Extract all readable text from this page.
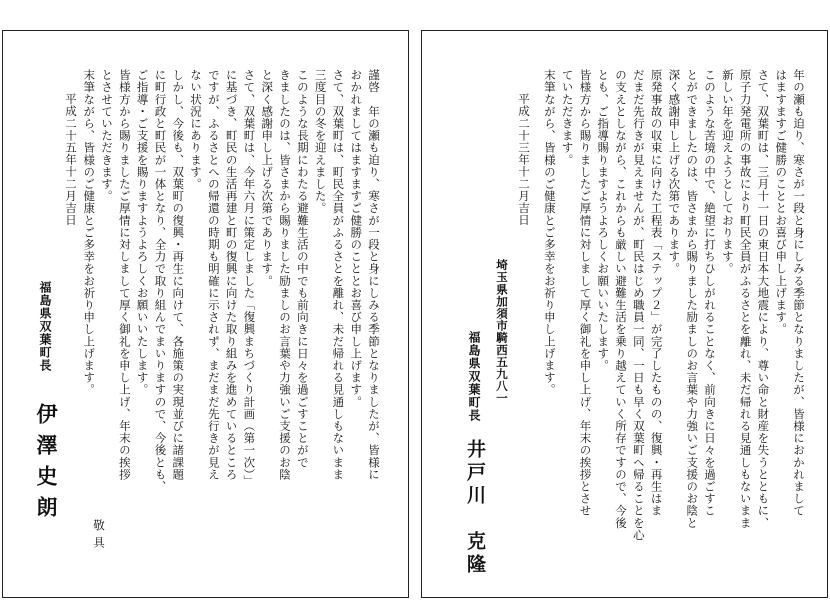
謹啓　年の瀬も迫り、寒さが一段と身にしみる季節となりましたが、皆様に
おかれましてはますますご健勝のこととお喜び申し上げます。
さて、双葉町は、町民全員がふるさとを離れ、未だ帰れる見通しもないまま
三度目の冬を迎えました。
このような長期にわたる避難生活の中でも前向きに日々を過ごすことがで
きましたのは、皆さまから賜りました励ましのお言葉や力強いご支援のお陰
と深く感謝申し上げる次第であります。
さて、双葉町は、今年六月に策定しました「復興まちづくり計画（第一次）」
に基づき、町民の生活再建と町の復興に向けた取り組みを進めているところ
ですが、ふるさとへの帰還の時期も明確に示されず、まだまだ先行きが見え
ない状況にあります。
しかし、今後も、双葉町の復興・再生に向けて、各施策の実現並びに諸課題
に町行政と町民が一体となり、全力で取り組んでまいりますので、今後とも、
ご指導・ご支援を賜りますようよろしくお願いいたします。
皆様方から賜りましたご厚情に対しまして厚く御礼を申し上げ、年末の挨拶
とさせていただきます。
末筆ながら、皆様のご健康とご多幸をお祈り申し上げます。
敬具
平成二十五年十二月吉日
福島県双葉町長
伊澤史朗	年の瀬も迫り、寒さが一段と身にしみる季節となりましたが、皆様におかれまして
はますますご健勝のこととお喜び申し上げます。
さて、双葉町は、三月十一日の東日本大地震により、尊い命と財産を失うとともに、
原子力発電所の事故により町民全員がふるさとを離れ、未だ帰れる見通しもないまま
新しい年を迎えようとしております。
このような苦境の中で、絶望に打ちひしがれることなく、前向きに日々を過ごすこ
とができましたのは、皆さまから賜りました励ましのお言葉や力強いご支援のお陰と
深く感謝申し上げる次第であります。
原発事故の収束に向けた工程表「ステップ２」が完了したものの、復興・再生はま
だまだ先行きが見えませんが、町民はじめ職員一同、一日も早く双葉町へ帰ることを心
の支えとしながら、これからも厳しい避難生活を乗り越えていく所存ですので、今後
とも、ご指導賜りますようよろしくお願いいたします。
皆様方から賜りましたご厚情に対しまして厚く御礼を申し上げ、年末の挨拶とさせ
ていただきます。
末筆ながら、皆様のご健康とご多幸をお祈り申し上げます。
平成二十三年十二月吉日
埼玉県加須市騎西五九八一
福島県双葉町長
井戸川　克隆
